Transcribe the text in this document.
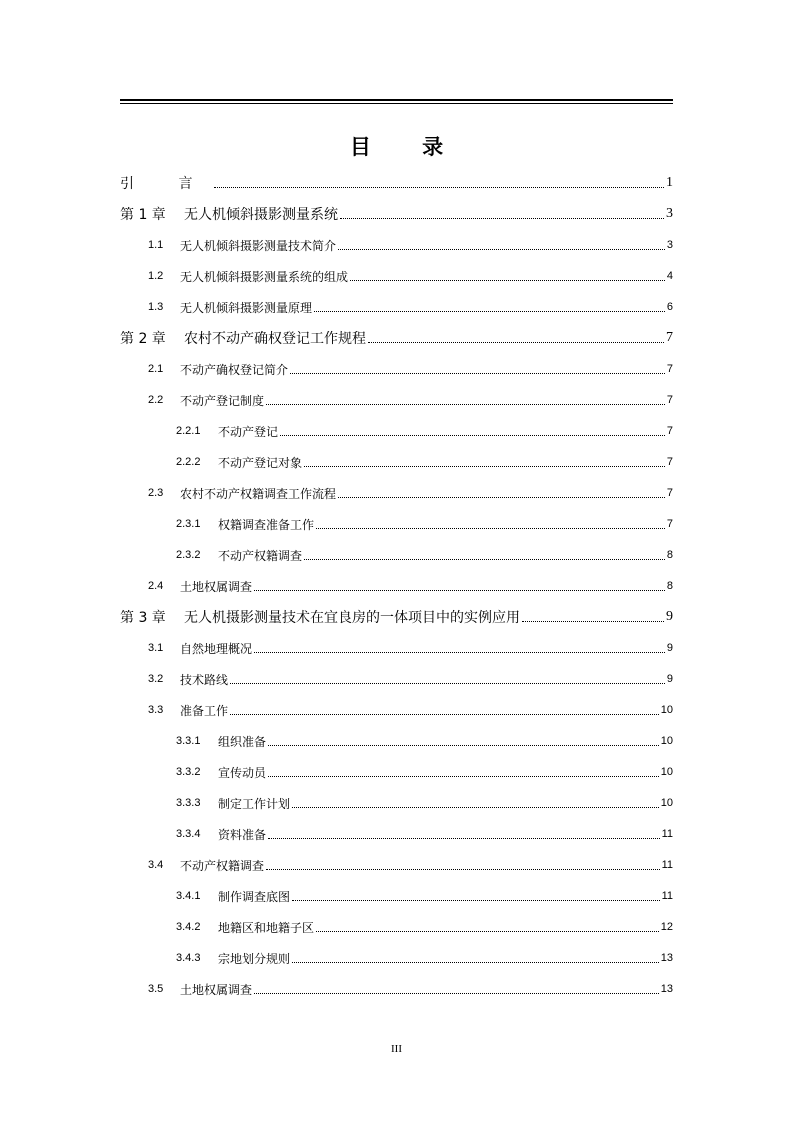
目 录
引 言	1
第 1 章	无人机倾斜摄影测量系统	3
1.1	无人机倾斜摄影测量技术简介	3
1.2	无人机倾斜摄影测量系统的组成	4
1.3	无人机倾斜摄影测量原理	6
第 2 章	农村不动产确权登记工作规程	7
2.1	不动产确权登记简介	7
2.2	不动产登记制度	7
2.2.1	不动产登记	7
2.2.2	不动产登记对象	7
2.3	农村不动产权籍调查工作流程	7
2.3.1	权籍调查准备工作	7
2.3.2	不动产权籍调查	8
2.4	土地权属调查	8
第 3 章	无人机摄影测量技术在宜良房的一体项目中的实例应用	9
3.1	自然地理概况	9
3.2	技术路线	9
3.3	准备工作	10
3.3.1	组织准备	10
3.3.2	宣传动员	10
3.3.3	制定工作计划	10
3.3.4	资料准备	11
3.4	不动产权籍调查	11
3.4.1	制作调查底图	11
3.4.2	地籍区和地籍子区	12
3.4.3	宗地划分规则	13
3.5	土地权属调查	13
III
